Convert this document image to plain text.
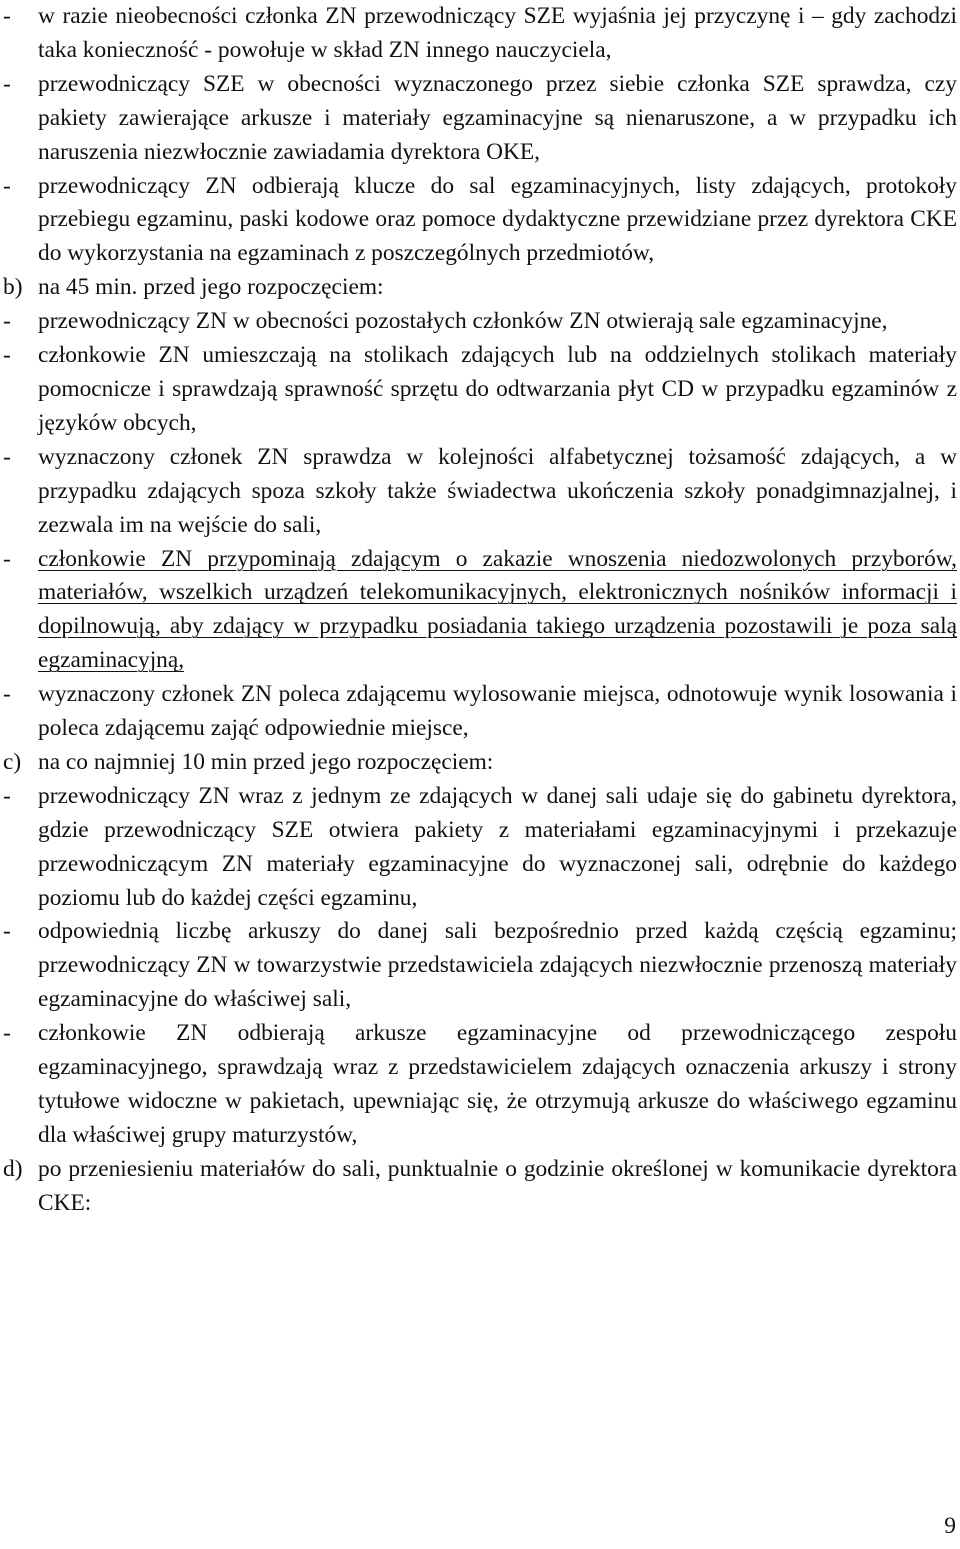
-	w razie nieobecności członka ZN przewodniczący SZE wyjaśnia jej przyczynę i – gdy zachodzi taka konieczność - powołuje w skład ZN innego nauczyciela,
-	przewodniczący SZE w obecności wyznaczonego przez siebie członka SZE sprawdza, czy pakiety zawierające arkusze i materiały egzaminacyjne są nienaruszone, a w przypadku ich naruszenia niezwłocznie zawiadamia dyrektora OKE,
-	przewodniczący ZN odbierają klucze do sal egzaminacyjnych, listy zdających, protokoły przebiegu egzaminu, paski kodowe oraz pomoce dydaktyczne przewidziane przez dyrektora CKE do wykorzystania na egzaminach z poszczególnych przedmiotów,
b) na 45 min. przed jego rozpoczęciem:
-	przewodniczący ZN w obecności pozostałych członków ZN otwierają sale egzaminacyjne,
-	członkowie ZN umieszczają na stolikach zdających lub na oddzielnych stolikach materiały pomocnicze i sprawdzają sprawność sprzętu do odtwarzania płyt CD w przypadku egzaminów z języków obcych,
-	wyznaczony członek ZN sprawdza w kolejności alfabetycznej tożsamość zdających, a w przypadku zdających spoza szkoły także świadectwa ukończenia szkoły ponadgimnazjalnej, i zezwala im na wejście do sali,
-	członkowie ZN przypominają zdającym o zakazie wnoszenia niedozwolonych przyborów, materiałów, wszelkich urządzeń telekomunikacyjnych, elektronicznych nośników informacji i dopilnowują, aby zdający w przypadku posiadania takiego urządzenia pozostawili je poza salą egzaminacyjną,
-	wyznaczony członek ZN poleca zdającemu wylosowanie miejsca, odnotowuje wynik losowania i poleca zdającemu zająć odpowiednie miejsce,
c) na co najmniej 10 min przed jego rozpoczęciem:
-	przewodniczący ZN wraz z jednym ze zdających w danej sali udaje się do gabinetu dyrektora, gdzie przewodniczący SZE otwiera pakiety z materiałami egzaminacyjnymi i przekazuje przewodniczącym ZN materiały egzaminacyjne do wyznaczonej sali, odrębnie do każdego poziomu lub do każdej części egzaminu,
-	odpowiednią liczbę arkuszy do danej sali bezpośrednio przed każdą częścią egzaminu; przewodniczący ZN w towarzystwie przedstawiciela zdających niezwłocznie przenoszą materiały egzaminacyjne do właściwej sali,
-	członkowie ZN odbierają arkusze egzaminacyjne od przewodniczącego zespołu egzaminacyjnego, sprawdzają wraz z przedstawicielem zdających oznaczenia arkuszy i strony tytułowe widoczne w pakietach, upewniając się, że otrzymują arkusze do właściwego egzaminu dla właściwej grupy maturzystów,
d) po przeniesieniu materiałów do sali, punktualnie o godzinie określonej w komunikacie dyrektora CKE:
9
